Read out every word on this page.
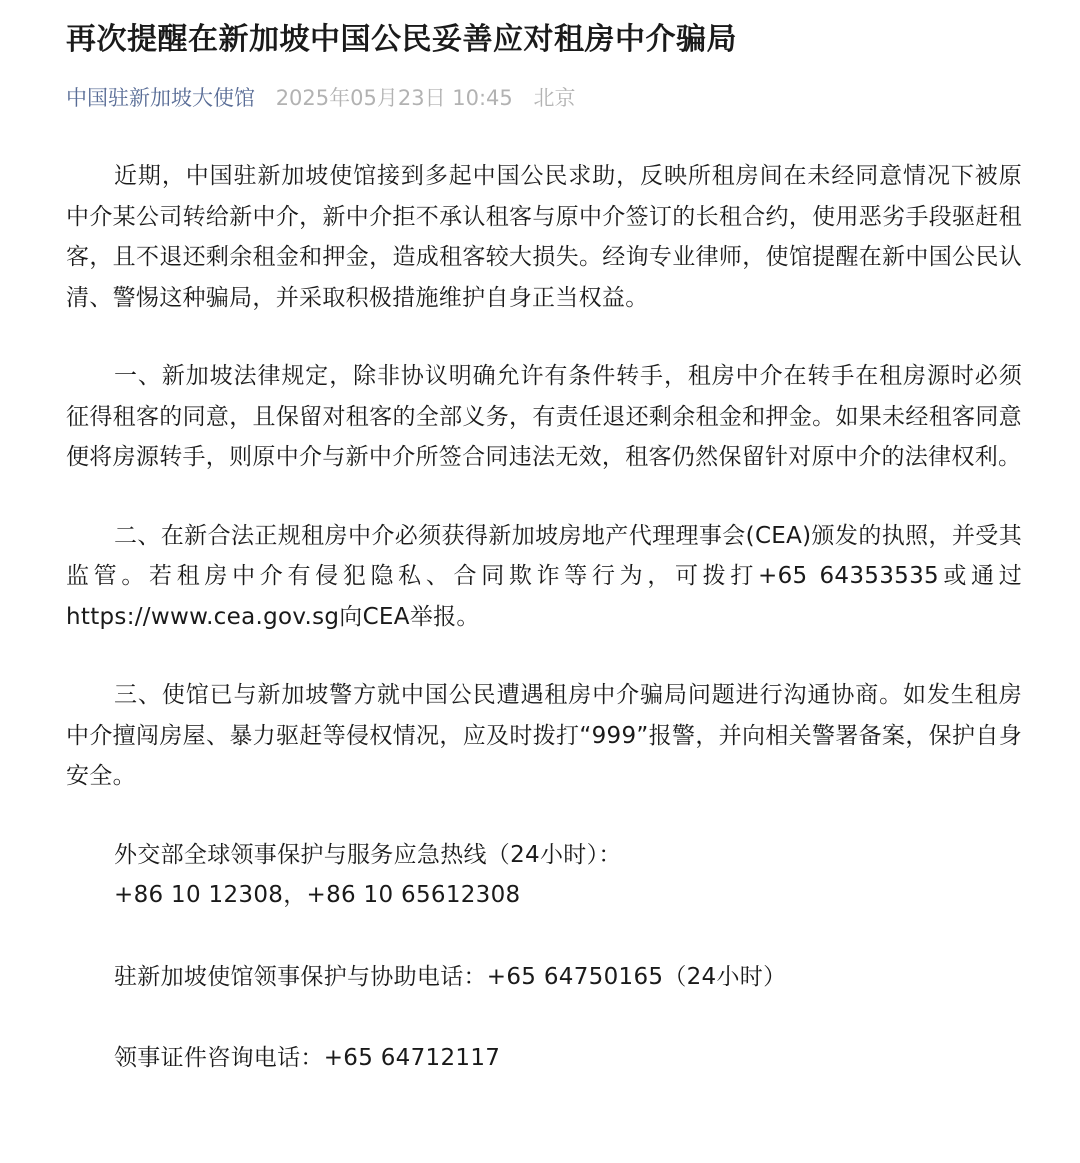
再次提醒在新加坡中国公民妥善应对租房中介骗局
中国驻新加坡大使馆 2025年05月23日 10:45 北京

近期，中国驻新加坡使馆接到多起中国公民求助，反映所租房间在未经同意情况下被原中介某公司转给新中介，新中介拒不承认租客与原中介签订的长租合约，使用恶劣手段驱赶租客，且不退还剩余租金和押金，造成租客较大损失。经询专业律师，使馆提醒在新中国公民认清、警惕这种骗局，并采取积极措施维护自身正当权益。

一、新加坡法律规定，除非协议明确允许有条件转手，租房中介在转手在租房源时必须征得租客的同意，且保留对租客的全部义务，有责任退还剩余租金和押金。如果未经租客同意便将房源转手，则原中介与新中介所签合同违法无效，租客仍然保留针对原中介的法律权利。

二、在新合法正规租房中介必须获得新加坡房地产代理理事会(CEA)颁发的执照，并受其监管。若租房中介有侵犯隐私、合同欺诈等行为，可拨打+65 64353535或通过https://www.cea.gov.sg向CEA举报。

三、使馆已与新加坡警方就中国公民遭遇租房中介骗局问题进行沟通协商。如发生租房中介擅闯房屋、暴力驱赶等侵权情况，应及时拨打“999”报警，并向相关警署备案，保护自身安全。

外交部全球领事保护与服务应急热线（24小时）：

+86 10 12308，+86 10 65612308

驻新加坡使馆领事保护与协助电话：+65 64750165（24小时）

领事证件咨询电话：+65 64712117
